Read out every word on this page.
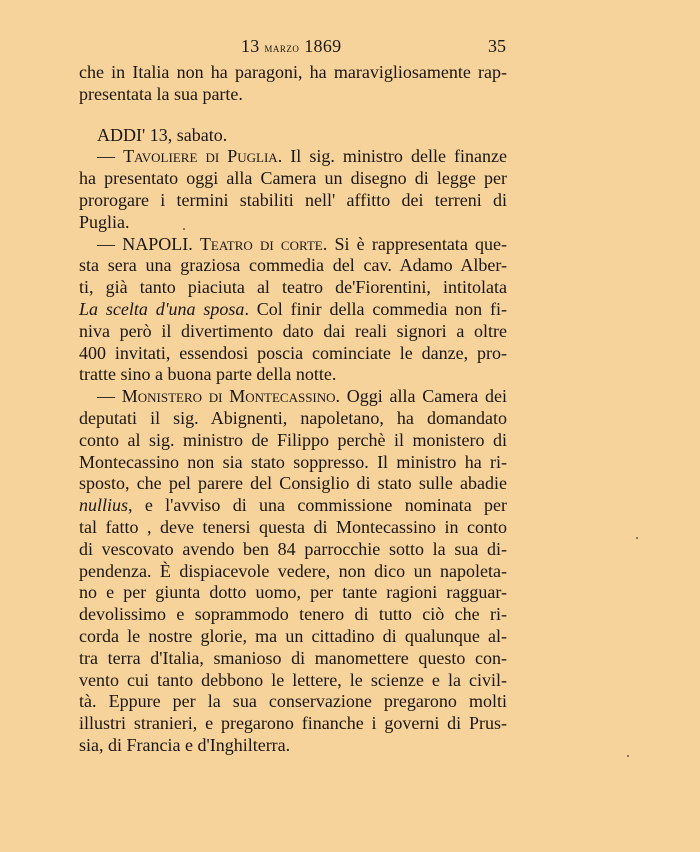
13 marzo 1869	35
che in Italia non ha paragoni, ha maravigliosamente rap-
presentata la sua parte.
ADDI' 13, sabato.
— Tavoliere di Puglia. Il sig. ministro delle finanze
ha presentato oggi alla Camera un disegno di legge per
prorogare i termini stabiliti nell' affitto dei terreni di
Puglia.
— NAPOLI. Teatro di corte. Si è rappresentata que-
sta sera una graziosa commedia del cav. Adamo Alber-
ti, già tanto piaciuta al teatro de'Fiorentini, intitolata
La scelta d'una sposa. Col finir della commedia non fi-
niva però il divertimento dato dai reali signori a oltre
400 invitati, essendosi poscia cominciate le danze, pro-
tratte sino a buona parte della notte.
— Monistero di Montecassino. Oggi alla Camera dei
deputati il sig. Abignenti, napoletano, ha domandato
conto al sig. ministro de Filippo perchè il monistero di
Montecassino non sia stato soppresso. Il ministro ha ri-
sposto, che pel parere del Consiglio di stato sulle abadie
nullius, e l'avviso di una commissione nominata per
tal fatto , deve tenersi questa di Montecassino in conto
di vescovato avendo ben 84 parrocchie sotto la sua di-
pendenza. È dispiacevole vedere, non dico un napoleta-
no e per giunta dotto uomo, per tante ragioni ragguar-
devolissimo e soprammodo tenero di tutto ciò che ri-
corda le nostre glorie, ma un cittadino di qualunque al-
tra terra d'Italia, smanioso di manomettere questo con-
vento cui tanto debbono le lettere, le scienze e la civil-
tà. Eppure per la sua conservazione pregarono molti
illustri stranieri, e pregarono finanche i governi di Prus-
sia, di Francia e d'Inghilterra.
